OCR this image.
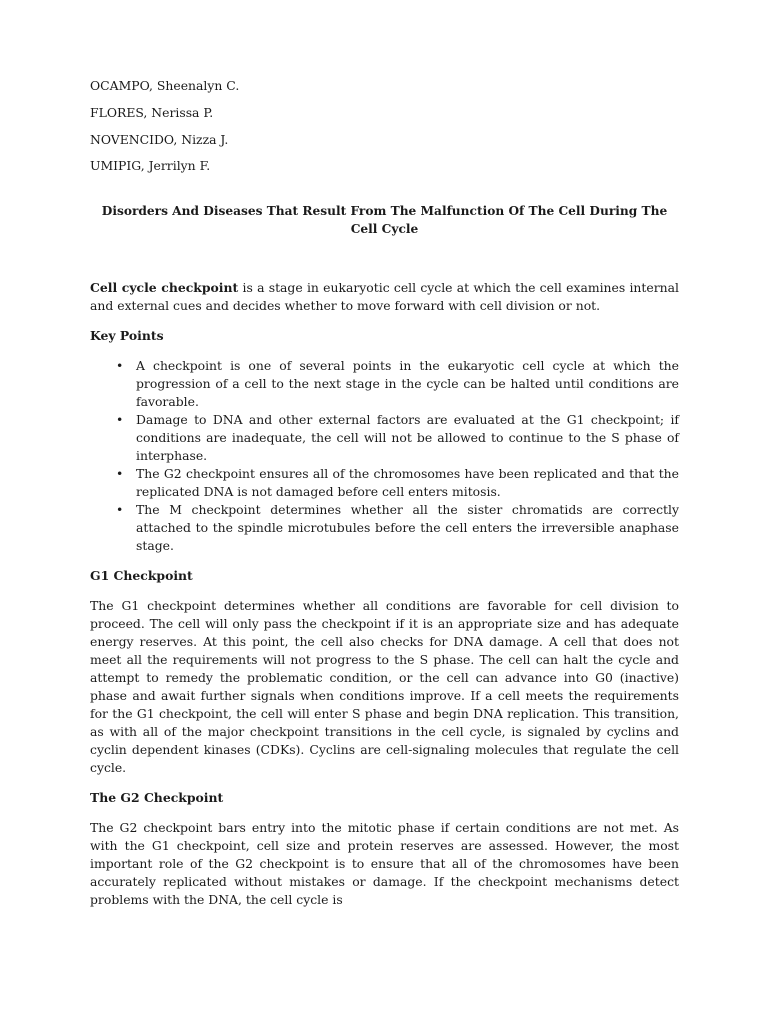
OCAMPO, Sheenalyn C.
FLORES, Nerissa P.
NOVENCIDO, Nizza J.
UMIPIG, Jerrilyn F.
Disorders And Diseases That Result From The Malfunction Of The Cell During The Cell Cycle

Cell cycle checkpoint is a stage in eukaryotic cell cycle at which the cell examines internal and external cues and decides whether to move forward with cell division or not.

Key Points
• A checkpoint is one of several points in the eukaryotic cell cycle at which the progression of a cell to the next stage in the cycle can be halted until conditions are favorable.
• Damage to DNA and other external factors are evaluated at the G1 checkpoint; if conditions are inadequate, the cell will not be allowed to continue to the S phase of interphase.
• The G2 checkpoint ensures all of the chromosomes have been replicated and that the replicated DNA is not damaged before cell enters mitosis.
• The M checkpoint determines whether all the sister chromatids are correctly attached to the spindle microtubules before the cell enters the irreversible anaphase stage.
G1 Checkpoint

The G1 checkpoint determines whether all conditions are favorable for cell division to proceed. The cell will only pass the checkpoint if it is an appropriate size and has adequate energy reserves. At this point, the cell also checks for DNA damage. A cell that does not meet all the requirements will not progress to the S phase. The cell can halt the cycle and attempt to remedy the problematic condition, or the cell can advance into G0 (inactive) phase and await further signals when conditions improve. If a cell meets the requirements for the G1 checkpoint, the cell will enter S phase and begin DNA replication. This transition, as with all of the major checkpoint transitions in the cell cycle, is signaled by cyclins and cyclin dependent kinases (CDKs). Cyclins are cell-signaling molecules that regulate the cell cycle.

The G2 Checkpoint

The G2 checkpoint bars entry into the mitotic phase if certain conditions are not met. As with the G1 checkpoint, cell size and protein reserves are assessed. However, the most important role of the G2 checkpoint is to ensure that all of the chromosomes have been accurately replicated without mistakes or damage. If the checkpoint mechanisms detect problems with the DNA, the cell cycle is
